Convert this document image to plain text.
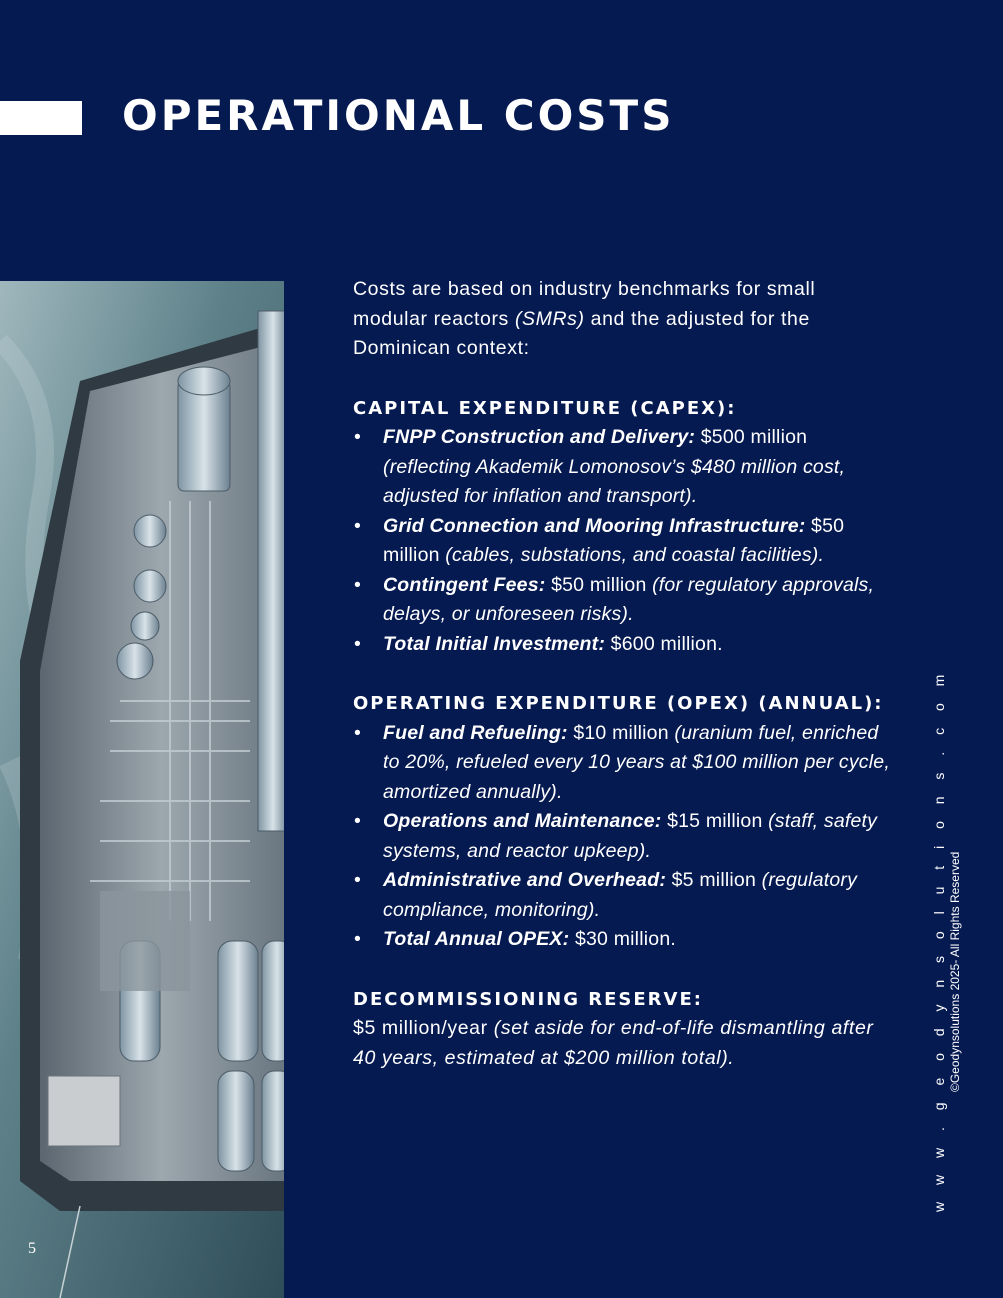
OPERATIONAL COSTS
5

Costs are based on industry benchmarks for small modular reactors (SMRs) and the adjusted for the Dominican context:

CAPITAL EXPENDITURE (CAPEX):
• FNPP Construction and Delivery: $500 million (reflecting Akademik Lomonosov’s $480 million cost, adjusted for inflation and transport).
• Grid Connection and Mooring Infrastructure: $50 million (cables, substations, and coastal facilities).
• Contingent Fees: $50 million (for regulatory approvals, delays, or unforeseen risks).
• Total Initial Investment: $600 million.
OPERATING EXPENDITURE (OPEX) (ANNUAL):
• Fuel and Refueling: $10 million (uranium fuel, enriched to 20%, refueled every 10 years at $100 million per cycle, amortized annually).
• Operations and Maintenance: $15 million (staff, safety systems, and reactor upkeep).
• Administrative and Overhead: $5 million (regulatory compliance, monitoring).
• Total Annual OPEX: $30 million.
DECOMMISSIONING RESERVE:

$5 million/year (set aside for end-of-life dismantling after 40 years, estimated at $200 million total).	w w w . g e o d y n s o l u t i o n s . c o m ©Geodynsolutions 2025- All Rights Reserved
